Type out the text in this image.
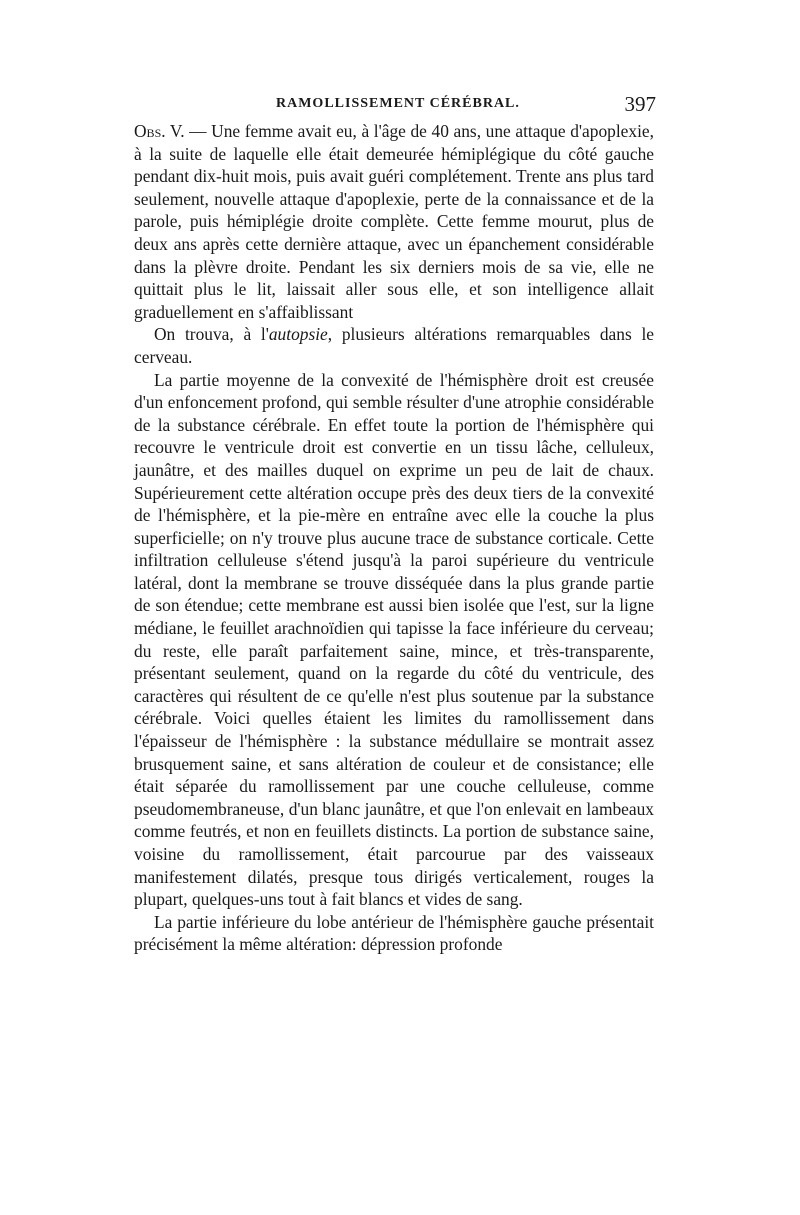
RAMOLLISSEMENT CÉRÉBRAL.	397

Obs. V. — Une femme avait eu, à l'âge de 40 ans, une attaque d'apoplexie, à la suite de laquelle elle était demeurée hémiplégique du côté gauche pendant dix-huit mois, puis avait guéri complétement. Trente ans plus tard seulement, nouvelle attaque d'apoplexie, perte de la connaissance et de la parole, puis hémiplégie droite complète. Cette femme mourut, plus de deux ans après cette dernière attaque, avec un épanchement considérable dans la plèvre droite. Pendant les six derniers mois de sa vie, elle ne quittait plus le lit, laissait aller sous elle, et son intelligence allait graduellement en s'affaiblissant

On trouva, à l'autopsie, plusieurs altérations remarquables dans le cerveau.

La partie moyenne de la convexité de l'hémisphère droit est creusée d'un enfoncement profond, qui semble résulter d'une atrophie considérable de la substance cérébrale. En effet toute la portion de l'hémisphère qui recouvre le ventricule droit est convertie en un tissu lâche, celluleux, jaunâtre, et des mailles duquel on exprime un peu de lait de chaux. Supérieurement cette altération occupe près des deux tiers de la convexité de l'hémisphère, et la pie-mère en entraîne avec elle la couche la plus superficielle; on n'y trouve plus aucune trace de substance corticale. Cette infiltration celluleuse s'étend jusqu'à la paroi supérieure du ventricule latéral, dont la membrane se trouve disséquée dans la plus grande partie de son étendue; cette membrane est aussi bien isolée que l'est, sur la ligne médiane, le feuillet arachnoïdien qui tapisse la face inférieure du cerveau; du reste, elle paraît parfaitement saine, mince, et très-transparente, présentant seulement, quand on la regarde du côté du ventricule, des caractères qui résultent de ce qu'elle n'est plus soutenue par la substance cérébrale. Voici quelles étaient les limites du ramollissement dans l'épaisseur de l'hémisphère : la substance médullaire se montrait assez brusquement saine, et sans altération de couleur et de consistance; elle était séparée du ramollissement par une couche celluleuse, comme pseudomembraneuse, d'un blanc jaunâtre, et que l'on enlevait en lambeaux comme feutrés, et non en feuillets distincts. La portion de substance saine, voisine du ramollissement, était parcourue par des vaisseaux manifestement dilatés, presque tous dirigés verticalement, rouges la plupart, quelques-uns tout à fait blancs et vides de sang.

La partie inférieure du lobe antérieur de l'hémisphère gauche présentait précisément la même altération: dépression profonde
